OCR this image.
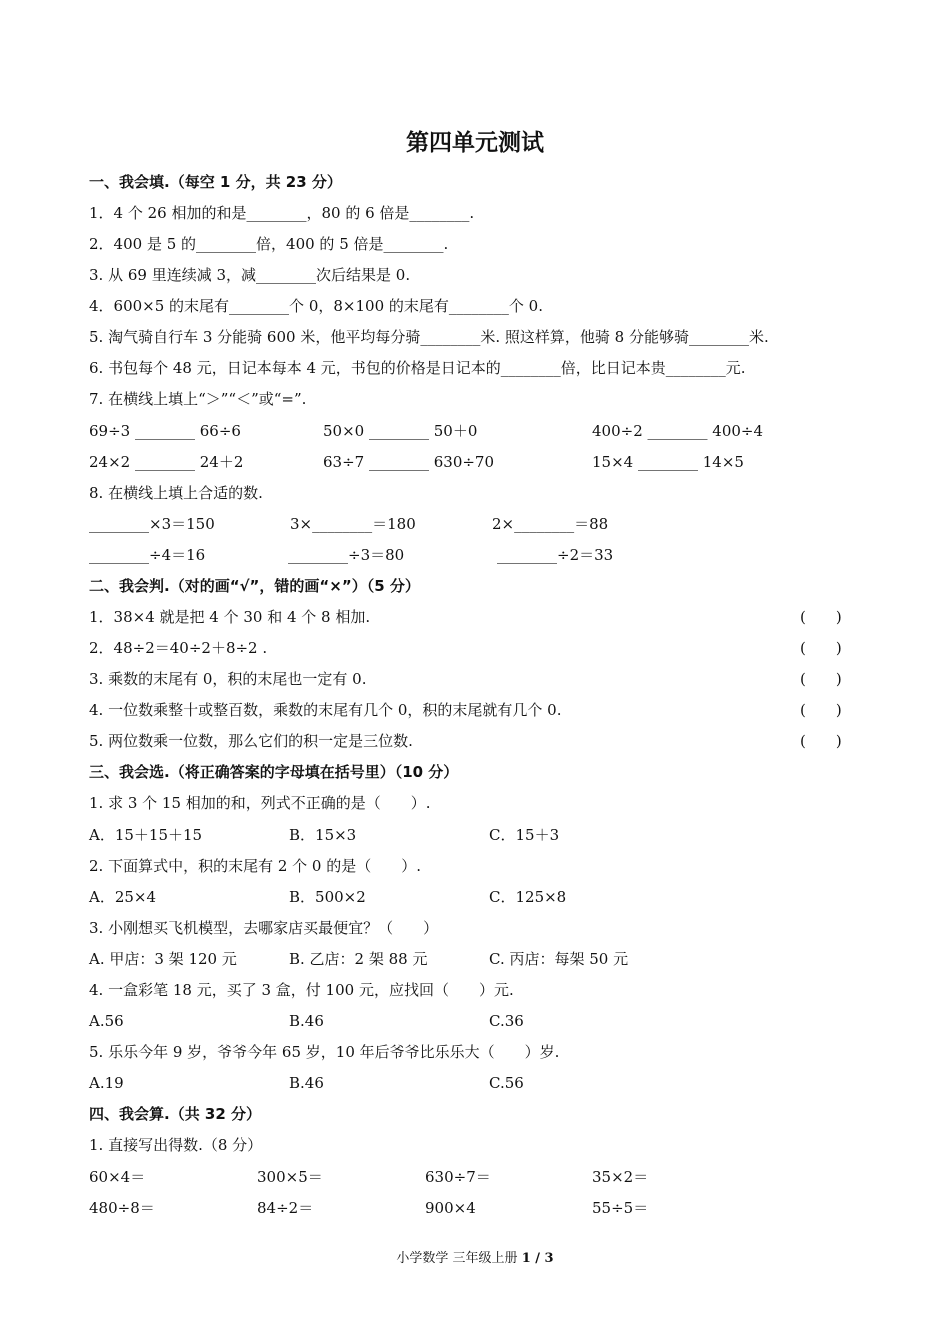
第四单元测试
一、我会填.（每空 1 分，共 23 分）
1．4 个 26 相加的和是________，80 的 6 倍是________.
2．400 是 5 的________倍，400 的 5 倍是________.
3. 从 69 里连续减 3，减________次后结果是 0.
4．600×5 的末尾有________个 0，8×100 的末尾有________个 0.
5. 淘气骑自行车 3 分能骑 600 米，他平均每分骑________米. 照这样算，他骑 8 分能够骑________米.
6. 书包每个 48 元，日记本每本 4 元，书包的价格是日记本的________倍，比日记本贵________元.
7. 在横线上填上“＞”“＜”或“=”.
69÷3 ________ 66÷6	50×0 ________ 50＋0	400÷2 ________ 400÷4
24×2 ________ 24＋2	63÷7 ________ 630÷70	15×4 ________ 14×5
8. 在横线上填上合适的数.
________×3＝150	3×________＝180	2×________＝88
________÷4＝16	________÷3＝80	________÷2＝33
二、我会判.（对的画“√”，错的画“×”）（5 分）
1．38×4 就是把 4 个 30 和 4 个 8 相加.	(　　)
2．48÷2＝40÷2＋8÷2 .	(　　)
3. 乘数的末尾有 0，积的末尾也一定有 0.	(　　)
4. 一位数乘整十或整百数，乘数的末尾有几个 0，积的末尾就有几个 0.	(　　)
5. 两位数乘一位数，那么它们的积一定是三位数.	(　　)
三、我会选.（将正确答案的字母填在括号里）（10 分）
1. 求 3 个 15 相加的和，列式不正确的是（　　）.
A．15＋15＋15	B．15×3	C．15＋3
2. 下面算式中，积的末尾有 2 个 0 的是（　　）.
A．25×4	B．500×2	C．125×8
3. 小刚想买飞机模型，去哪家店买最便宜？（　　）
A. 甲店：3 架 120 元	B. 乙店：2 架 88 元	C. 丙店：每架 50 元
4. 一盒彩笔 18 元，买了 3 盒，付 100 元，应找回（　　）元.
A.56	B.46	C.36
5. 乐乐今年 9 岁，爷爷今年 65 岁，10 年后爷爷比乐乐大（　　）岁.
A.19	B.46	C.56
四、我会算.（共 32 分）
1. 直接写出得数.（8 分）
60×4＝	300×5＝	630÷7＝	35×2＝
480÷8＝	84÷2＝	900×4	55÷5＝
小学数学 三年级上册 1 / 3
